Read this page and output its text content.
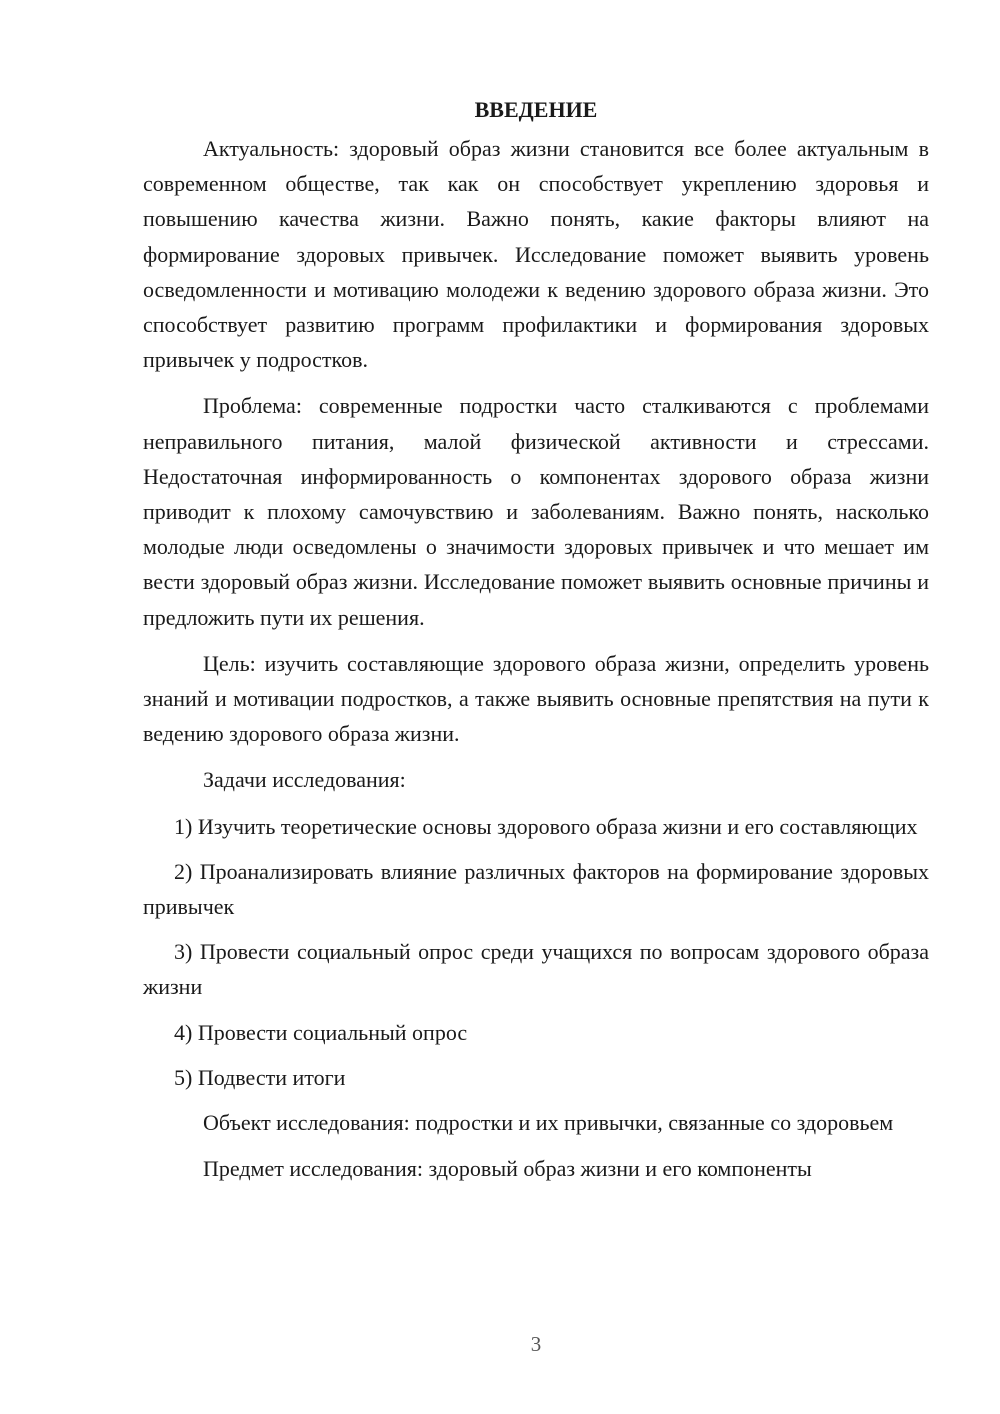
ВВЕДЕНИЕ

Актуальность: здоровый образ жизни становится все более актуальным в современном обществе, так как он способствует укреплению здоровья и повышению качества жизни. Важно понять, какие факторы влияют на формирование здоровых привычек. Исследование поможет выявить уровень осведомленности и мотивацию молодежи к ведению здорового образа жизни. Это способствует развитию программ профилактики и формирования здоровых привычек у подростков.

Проблема: современные подростки часто сталкиваются с проблемами неправильного питания, малой физической активности и стрессами. Недостаточная информированность о компонентах здорового образа жизни приводит к плохому самочувствию и заболеваниям. Важно понять, насколько молодые люди осведомлены о значимости здоровых привычек и что мешает им вести здоровый образ жизни. Исследование поможет выявить основные причины и предложить пути их решения.

Цель: изучить составляющие здорового образа жизни, определить уровень знаний и мотивации подростков, а также выявить основные препятствия на пути к ведению здорового образа жизни.

Задачи исследования:

1) Изучить теоретические основы здорового образа жизни и его составляющих

2) Проанализировать влияние различных факторов на формирование здоровых привычек

3) Провести социальный опрос среди учащихся по вопросам здорового образа жизни

4) Провести социальный опрос

5) Подвести итоги

Объект исследования: подростки и их привычки, связанные со здоровьем

Предмет исследования: здоровый образ жизни и его компоненты

3
